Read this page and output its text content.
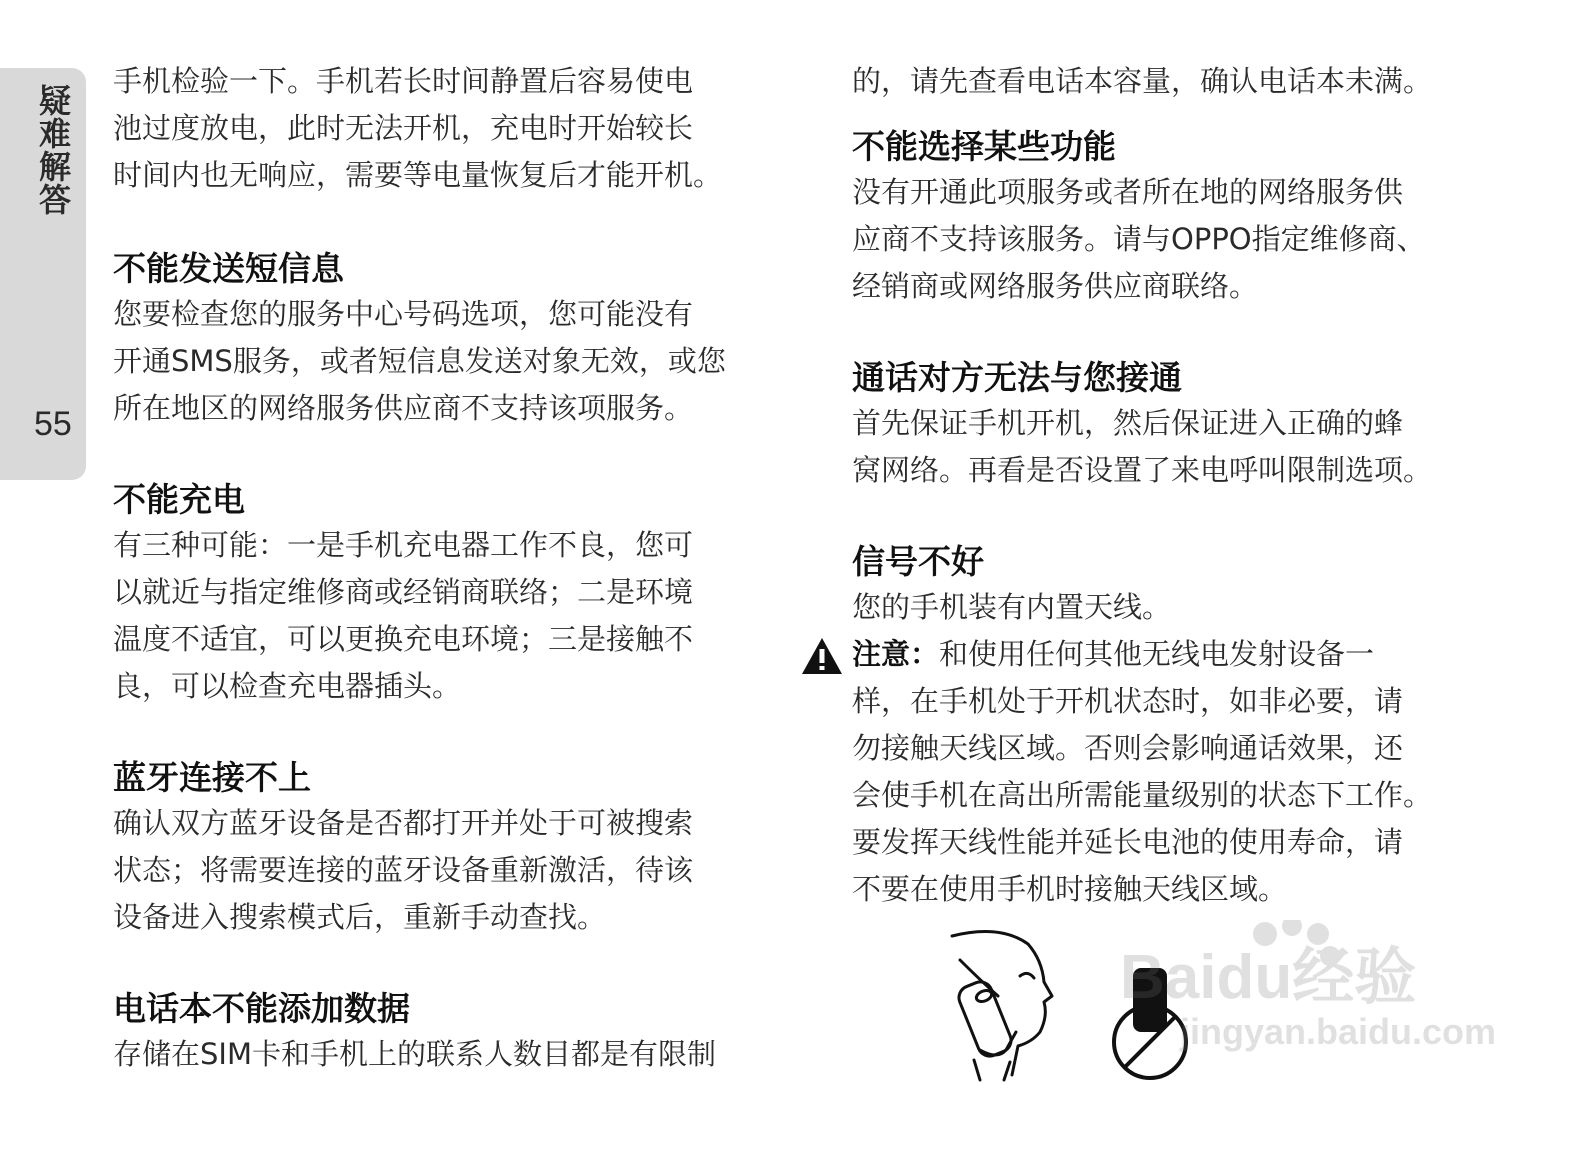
疑难解答
55

手机检验一下。手机若长时间静置后容易使电

池过度放电，此时无法开机，充电时开始较长

时间内也无响应，需要等电量恢复后才能开机。

不能发送短信息

您要检查您的服务中心号码选项，您可能没有

开通SMS服务，或者短信息发送对象无效，或您

所在地区的网络服务供应商不支持该项服务。

不能充电

有三种可能：一是手机充电器工作不良，您可

以就近与指定维修商或经销商联络；二是环境

温度不适宜，可以更换充电环境；三是接触不

良，可以检查充电器插头。

蓝牙连接不上

确认双方蓝牙设备是否都打开并处于可被搜索

状态；将需要连接的蓝牙设备重新激活，待该

设备进入搜索模式后，重新手动查找。

电话本不能添加数据

存储在SIM卡和手机上的联系人数目都是有限制

的，请先查看电话本容量，确认电话本未满。

不能选择某些功能

没有开通此项服务或者所在地的网络服务供

应商不支持该服务。请与OPPO指定维修商、

经销商或网络服务供应商联络。

通话对方无法与您接通

首先保证手机开机，然后保证进入正确的蜂

窝网络。再看是否设置了来电呼叫限制选项。

信号不好

您的手机装有内置天线。

注意：和使用任何其他无线电发射设备一

样，在手机处于开机状态时，如非必要，请

勿接触天线区域。否则会影响通话效果，还

会使手机在高出所需能量级别的状态下工作。

要发挥天线性能并延长电池的使用寿命，请

不要在使用手机时接触天线区域。

Baidu经验
jingyan.baidu.com
